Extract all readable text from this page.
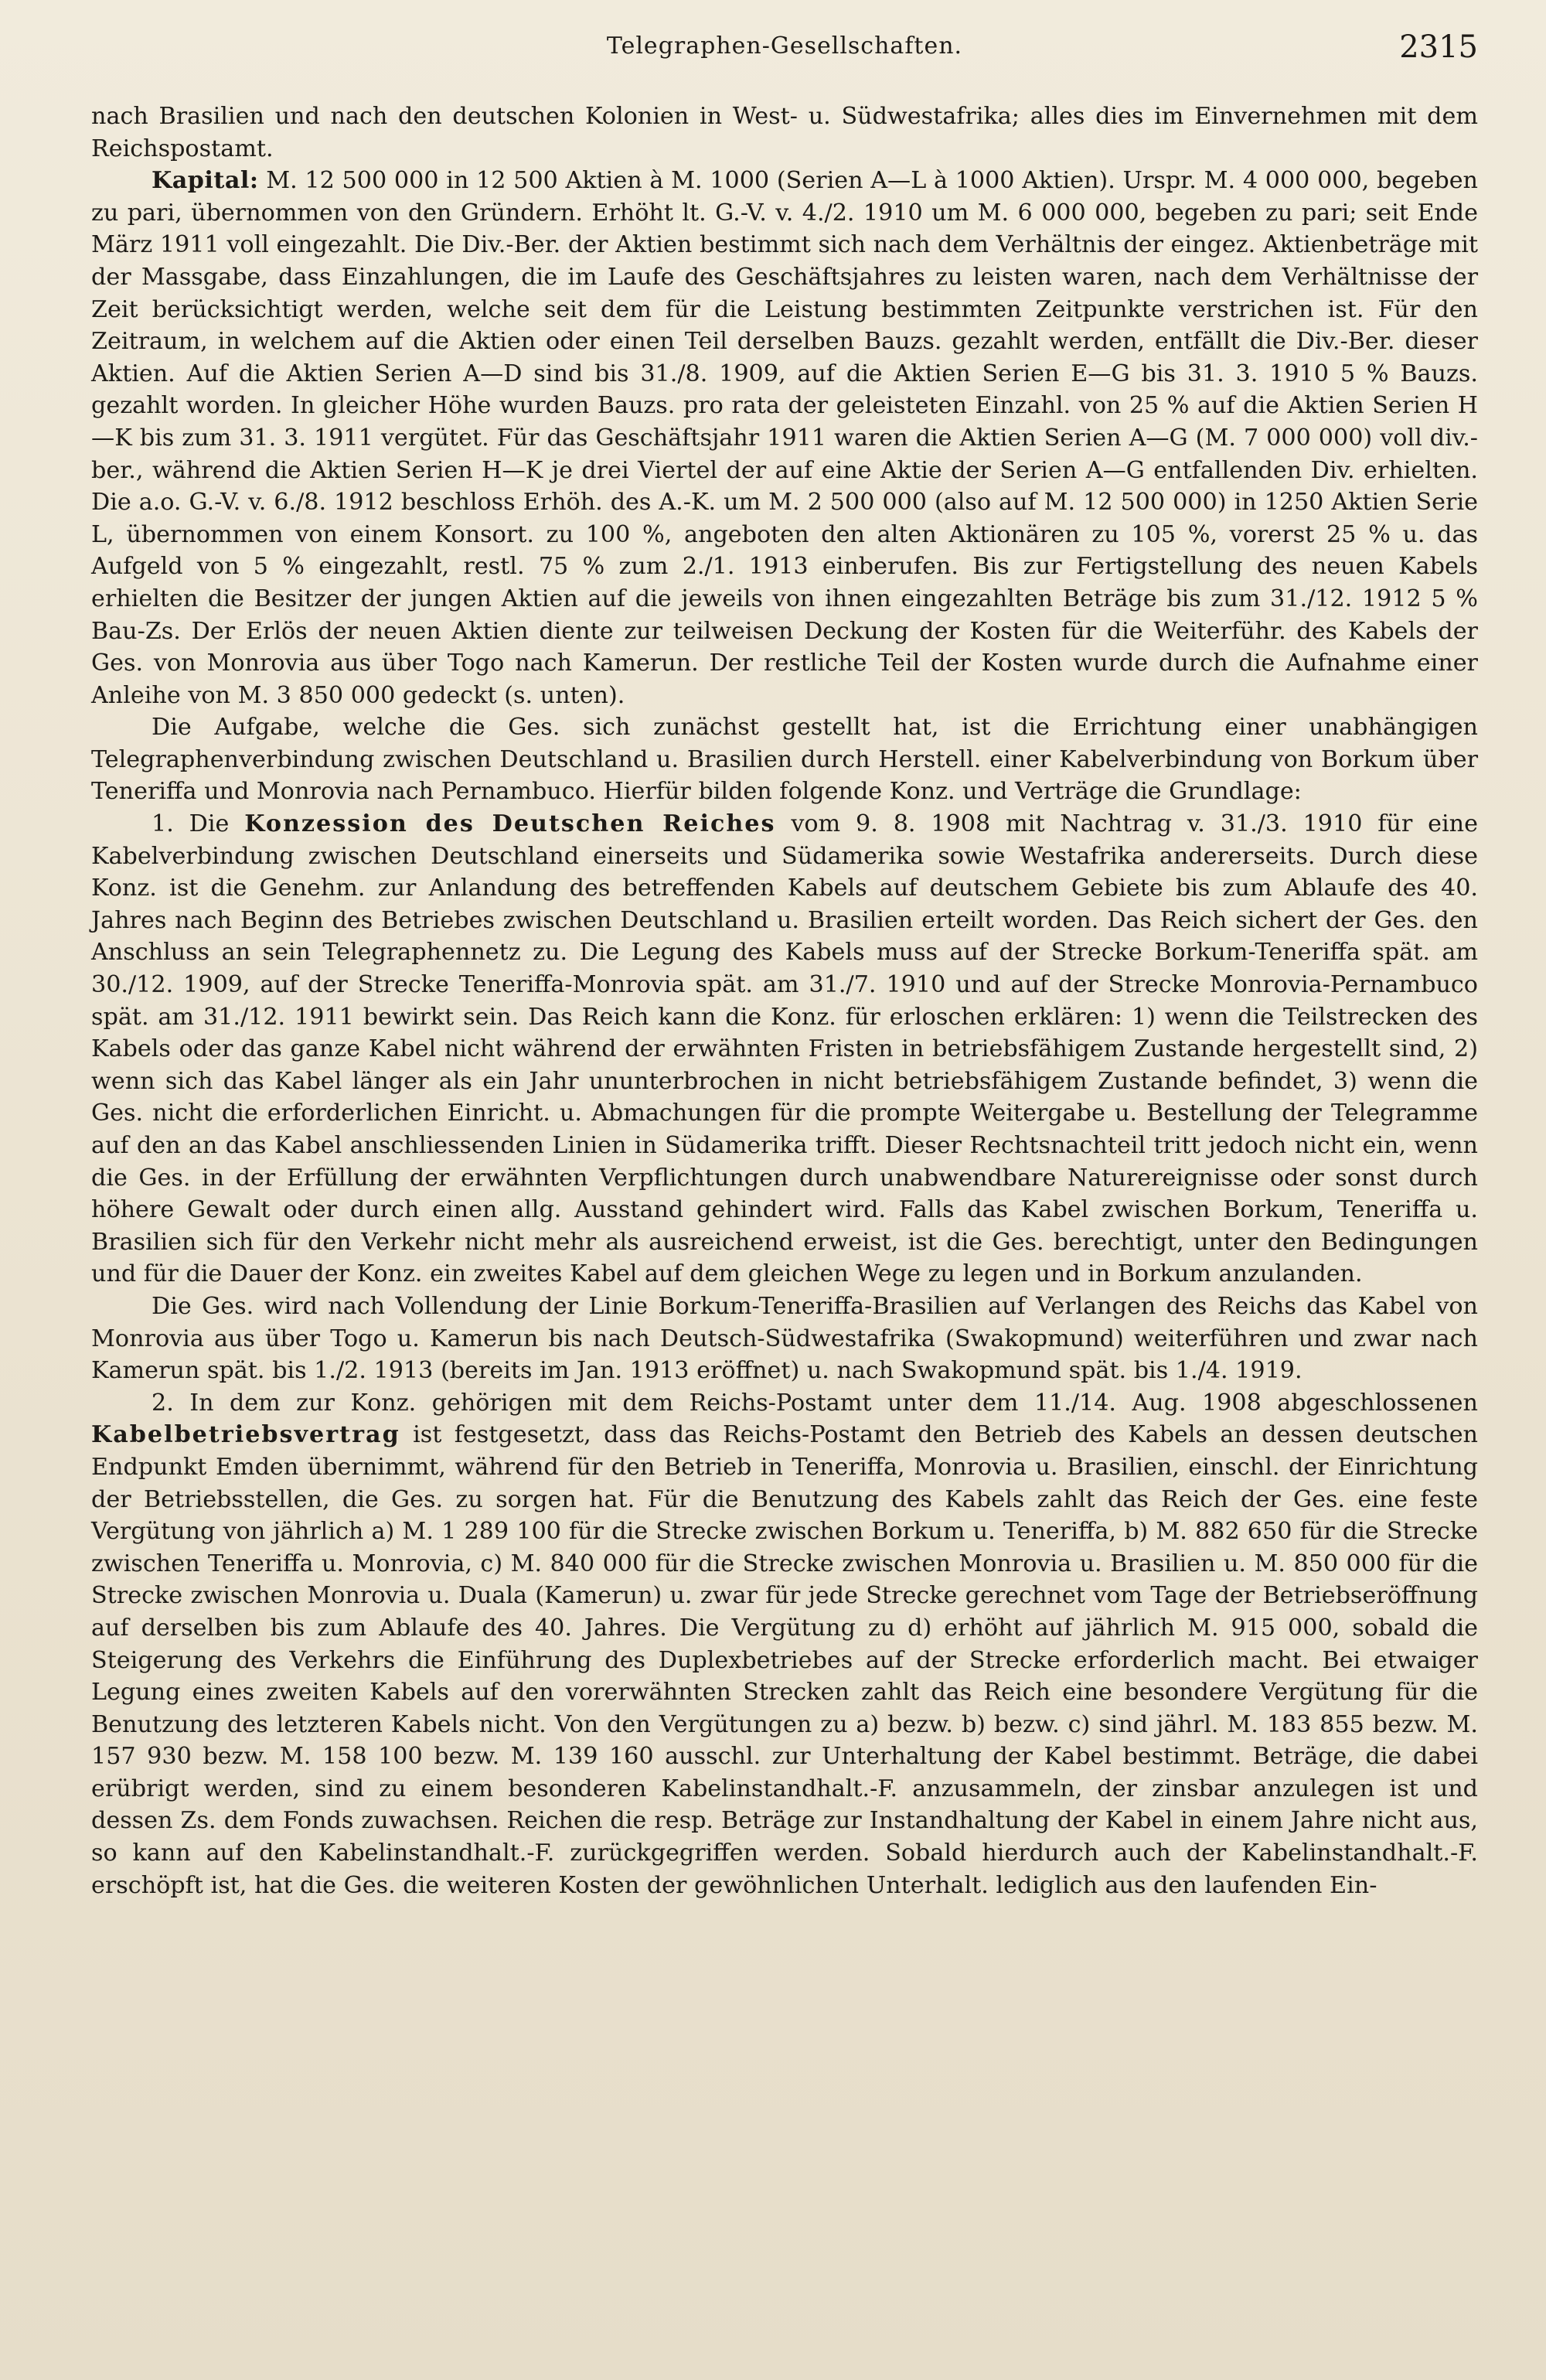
Telegraphen-Gesellschaften.	2315

nach Brasilien und nach den deutschen Kolonien in West- u. Südwestafrika; alles dies im Einvernehmen mit dem Reichspostamt.

Kapital: M. 12 500 000 in 12 500 Aktien à M. 1000 (Serien A—L à 1000 Aktien). Urspr. M. 4 000 000, begeben zu pari, übernommen von den Gründern. Erhöht lt. G.-V. v. 4./2. 1910 um M. 6 000 000, begeben zu pari; seit Ende März 1911 voll eingezahlt. Die Div.-Ber. der Aktien bestimmt sich nach dem Verhältnis der eingez. Aktienbeträge mit der Massgabe, dass Einzahlungen, die im Laufe des Geschäftsjahres zu leisten waren, nach dem Verhältnisse der Zeit berücksichtigt werden, welche seit dem für die Leistung bestimmten Zeitpunkte verstrichen ist. Für den Zeitraum, in welchem auf die Aktien oder einen Teil derselben Bauzs. gezahlt werden, entfällt die Div.-Ber. dieser Aktien. Auf die Aktien Serien A—D sind bis 31./8. 1909, auf die Aktien Serien E—G bis 31. 3. 1910 5 % Bauzs. gezahlt worden. In gleicher Höhe wurden Bauzs. pro rata der geleisteten Einzahl. von 25 % auf die Aktien Serien H—K bis zum 31. 3. 1911 vergütet. Für das Geschäftsjahr 1911 waren die Aktien Serien A—G (M. 7 000 000) voll div.-ber., während die Aktien Serien H—K je drei Viertel der auf eine Aktie der Serien A—G entfallenden Div. erhielten. Die a.o. G.-V. v. 6./8. 1912 beschloss Erhöh. des A.-K. um M. 2 500 000 (also auf M. 12 500 000) in 1250 Aktien Serie L, übernommen von einem Konsort. zu 100 %, angeboten den alten Aktionären zu 105 %, vorerst 25 % u. das Aufgeld von 5 % eingezahlt, restl. 75 % zum 2./1. 1913 einberufen. Bis zur Fertigstellung des neuen Kabels erhielten die Besitzer der jungen Aktien auf die jeweils von ihnen eingezahlten Beträge bis zum 31./12. 1912 5 % Bau-Zs. Der Erlös der neuen Aktien diente zur teilweisen Deckung der Kosten für die Weiterführ. des Kabels der Ges. von Monrovia aus über Togo nach Kamerun. Der restliche Teil der Kosten wurde durch die Aufnahme einer Anleihe von M. 3 850 000 gedeckt (s. unten).

Die Aufgabe, welche die Ges. sich zunächst gestellt hat, ist die Errichtung einer unabhängigen Telegraphenverbindung zwischen Deutschland u. Brasilien durch Herstell. einer Kabelverbindung von Borkum über Teneriffa und Monrovia nach Pernambuco. Hierfür bilden folgende Konz. und Verträge die Grundlage:

1. Die Konzession des Deutschen Reiches vom 9. 8. 1908 mit Nachtrag v. 31./3. 1910 für eine Kabelverbindung zwischen Deutschland einerseits und Südamerika sowie Westafrika andererseits. Durch diese Konz. ist die Genehm. zur Anlandung des betreffenden Kabels auf deutschem Gebiete bis zum Ablaufe des 40. Jahres nach Beginn des Betriebes zwischen Deutschland u. Brasilien erteilt worden. Das Reich sichert der Ges. den Anschluss an sein Telegraphennetz zu. Die Legung des Kabels muss auf der Strecke Borkum-Teneriffa spät. am 30./12. 1909, auf der Strecke Teneriffa-Monrovia spät. am 31./7. 1910 und auf der Strecke Monrovia-Pernambuco spät. am 31./12. 1911 bewirkt sein. Das Reich kann die Konz. für erloschen erklären: 1) wenn die Teilstrecken des Kabels oder das ganze Kabel nicht während der erwähnten Fristen in betriebsfähigem Zustande hergestellt sind, 2) wenn sich das Kabel länger als ein Jahr ununterbrochen in nicht betriebsfähigem Zustande befindet, 3) wenn die Ges. nicht die erforderlichen Einricht. u. Abmachungen für die prompte Weitergabe u. Bestellung der Telegramme auf den an das Kabel anschliessenden Linien in Südamerika trifft. Dieser Rechtsnachteil tritt jedoch nicht ein, wenn die Ges. in der Erfüllung der erwähnten Verpflichtungen durch unabwendbare Naturereignisse oder sonst durch höhere Gewalt oder durch einen allg. Ausstand gehindert wird. Falls das Kabel zwischen Borkum, Teneriffa u. Brasilien sich für den Verkehr nicht mehr als ausreichend erweist, ist die Ges. berechtigt, unter den Bedingungen und für die Dauer der Konz. ein zweites Kabel auf dem gleichen Wege zu legen und in Borkum anzulanden.

Die Ges. wird nach Vollendung der Linie Borkum-Teneriffa-Brasilien auf Verlangen des Reichs das Kabel von Monrovia aus über Togo u. Kamerun bis nach Deutsch-Südwestafrika (Swakopmund) weiterführen und zwar nach Kamerun spät. bis 1./2. 1913 (bereits im Jan. 1913 eröffnet) u. nach Swakopmund spät. bis 1./4. 1919.

2. In dem zur Konz. gehörigen mit dem Reichs-Postamt unter dem 11./14. Aug. 1908 abgeschlossenen Kabelbetriebsvertrag ist festgesetzt, dass das Reichs-Postamt den Betrieb des Kabels an dessen deutschen Endpunkt Emden übernimmt, während für den Betrieb in Teneriffa, Monrovia u. Brasilien, einschl. der Einrichtung der Betriebsstellen, die Ges. zu sorgen hat. Für die Benutzung des Kabels zahlt das Reich der Ges. eine feste Vergütung von jährlich a) M. 1 289 100 für die Strecke zwischen Borkum u. Teneriffa, b) M. 882 650 für die Strecke zwischen Teneriffa u. Monrovia, c) M. 840 000 für die Strecke zwischen Monrovia u. Brasilien u. M. 850 000 für die Strecke zwischen Monrovia u. Duala (Kamerun) u. zwar für jede Strecke gerechnet vom Tage der Betriebseröffnung auf derselben bis zum Ablaufe des 40. Jahres. Die Vergütung zu d) erhöht auf jährlich M. 915 000, sobald die Steigerung des Verkehrs die Einführung des Duplexbetriebes auf der Strecke erforderlich macht. Bei etwaiger Legung eines zweiten Kabels auf den vorerwähnten Strecken zahlt das Reich eine besondere Vergütung für die Benutzung des letzteren Kabels nicht. Von den Vergütungen zu a) bezw. b) bezw. c) sind jährl. M. 183 855 bezw. M. 157 930 bezw. M. 158 100 bezw. M. 139 160 ausschl. zur Unterhaltung der Kabel bestimmt. Beträge, die dabei erübrigt werden, sind zu einem besonderen Kabelinstandhalt.-F. anzusammeln, der zinsbar anzulegen ist und dessen Zs. dem Fonds zuwachsen. Reichen die resp. Beträge zur Instandhaltung der Kabel in einem Jahre nicht aus, so kann auf den Kabelinstandhalt.-F. zurückgegriffen werden. Sobald hierdurch auch der Kabelinstandhalt.-F. erschöpft ist, hat die Ges. die weiteren Kosten der gewöhnlichen Unterhalt. lediglich aus den laufenden Ein-
